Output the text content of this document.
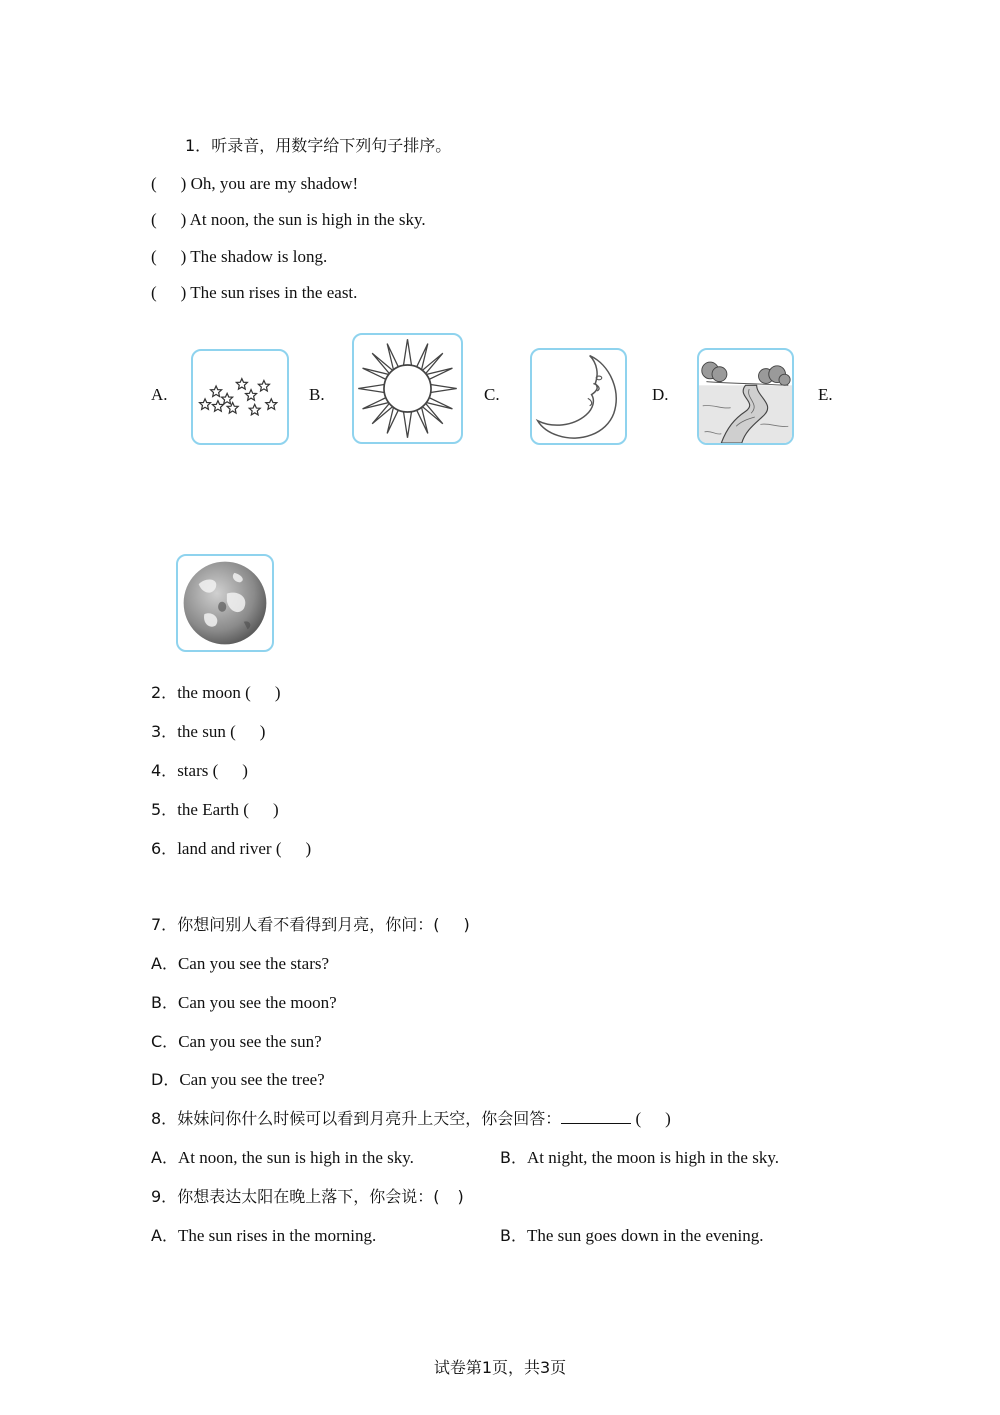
1．听录音，用数字给下列句子排序。
( ) Oh, you are my shadow!
( ) At noon, the sun is high in the sky.
( ) The shadow is long.
( ) The sun rises in the east.
A.	B.	C.	D.	E.
2．the moon ( )
3．the sun ( )
4．stars ( )
5．the Earth ( )
6．land and river ( )
7．你想问别人看不看得到月亮，你问：( )
A．Can you see the stars?
B．Can you see the moon?
C．Can you see the sun?
D．Can you see the tree?
8．妹妹问你什么时候可以看到月亮升上天空，你会回答：	( )
A．At noon, the sun is high in the sky.	B．At night, the moon is high in the sky.
9．你想表达太阳在晚上落下，你会说：( )
A．The sun rises in the morning.	B．The sun goes down in the evening.
试卷第1页，共3页
